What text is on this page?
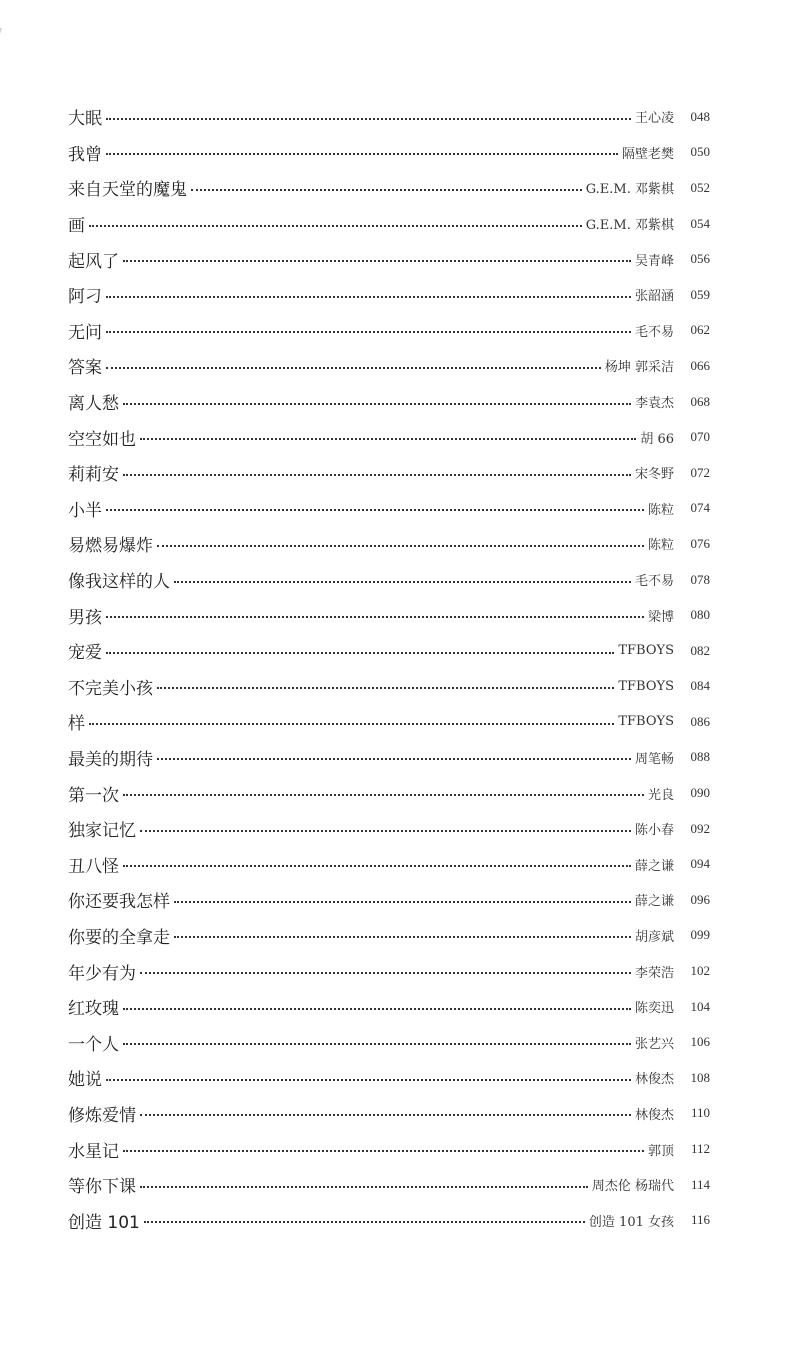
大眠	王心凌	048
我曾	隔壁老樊	050
来自天堂的魔鬼	G.E.M. 邓紫棋	052
画	G.E.M. 邓紫棋	054
起风了	吴青峰	056
阿刁	张韶涵	059
无问	毛不易	062
答案	杨坤 郭采洁	066
离人愁	李袁杰	068
空空如也	胡 66	070
莉莉安	宋冬野	072
小半	陈粒	074
易燃易爆炸	陈粒	076
像我这样的人	毛不易	078
男孩	梁博	080
宠爱	TFBOYS	082
不完美小孩	TFBOYS	084
样	TFBOYS	086
最美的期待	周笔畅	088
第一次	光良	090
独家记忆	陈小春	092
丑八怪	薛之谦	094
你还要我怎样	薛之谦	096
你要的全拿走	胡彦斌	099
年少有为	李荣浩	102
红玫瑰	陈奕迅	104
一个人	张艺兴	106
她说	林俊杰	108
修炼爱情	林俊杰	110
水星记	郭顶	112
等你下课	周杰伦 杨瑞代	114
创造 101	创造 101 女孩	116
